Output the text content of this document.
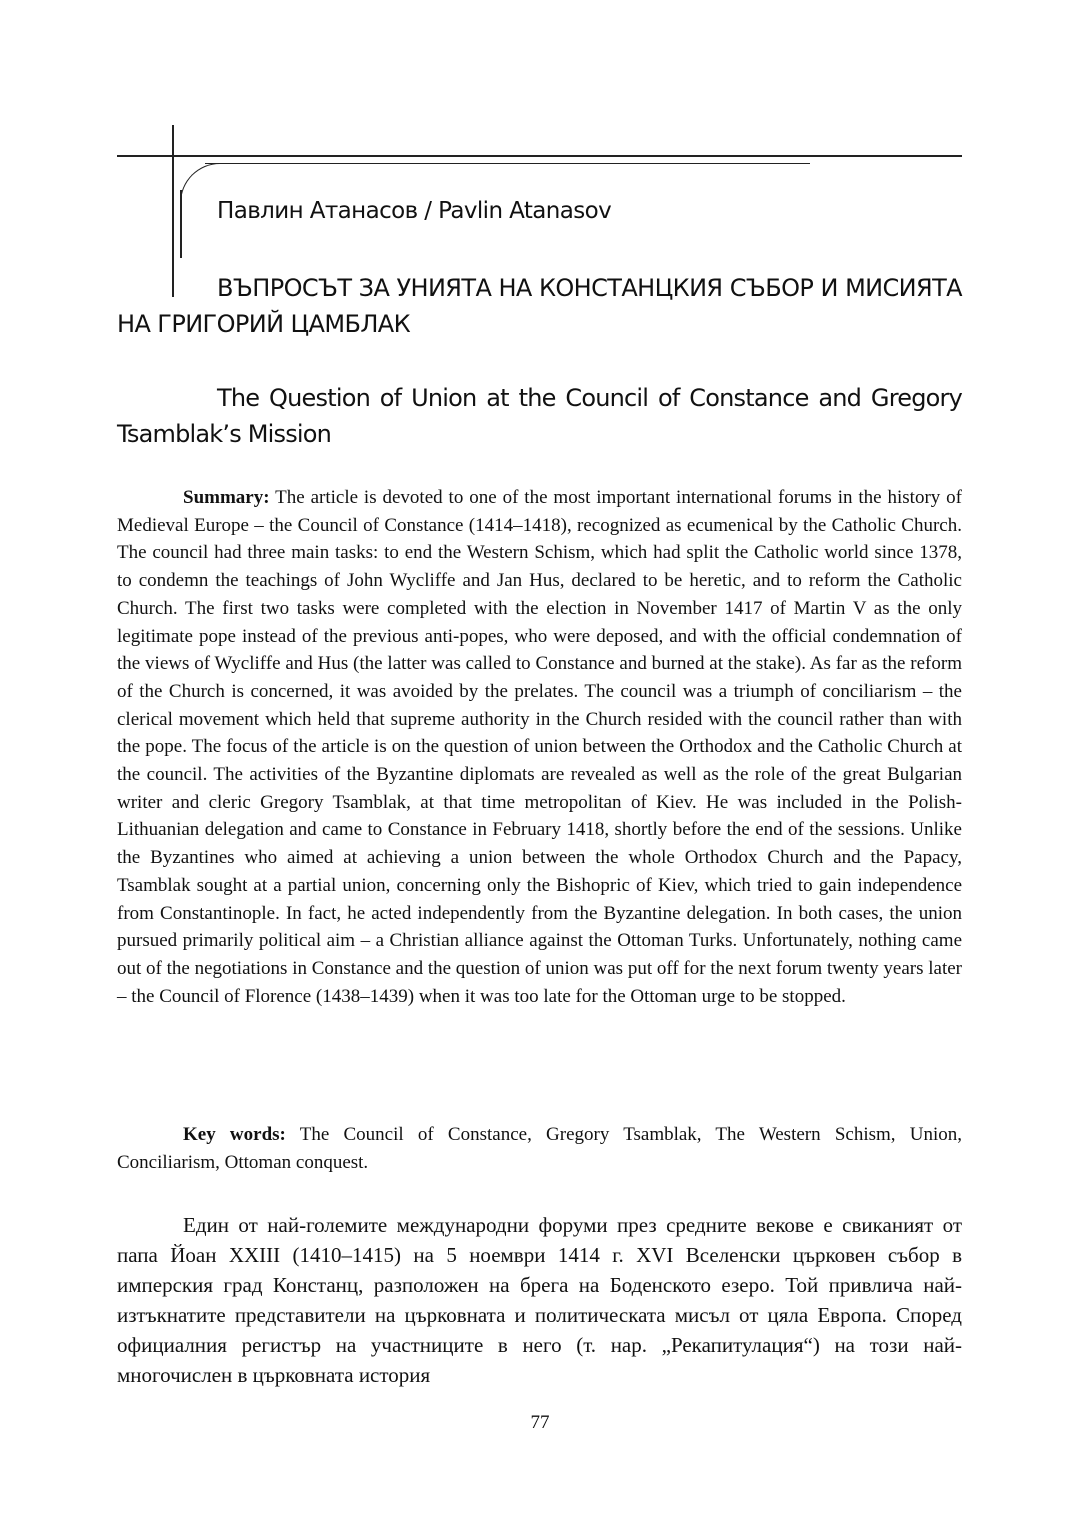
Павлин Атанасов / Pavlin Atanasov

ВЪПРОСЪТ ЗА УНИЯТА НА КОНСТАНЦКИЯ СЪБОР И МИСИЯТА НА ГРИГОРИЙ ЦАМБЛАК

The Question of Union at the Council of Constance and Gregory Tsamblak’s Mission

Summary: The article is devoted to one of the most important international forums in the history of Medieval Europe – the Council of Constance (1414–1418), recognized as ecumenical by the Catholic Church. The council had three main tasks: to end the Western Schism, which had split the Catholic world since 1378, to condemn the teachings of John Wycliffe and Jan Hus, declared to be heretic, and to reform the Catholic Church. The first two tasks were completed with the election in November 1417 of Martin V as the only legitimate pope instead of the previous anti-popes, who were deposed, and with the official condemnation of the views of Wycliffe and Hus (the latter was called to Constance and burned at the stake). As far as the reform of the Church is concerned, it was avoided by the prelates. The council was a triumph of conciliarism – the clerical movement which held that supreme authority in the Church resided with the council rather than with the pope. The focus of the article is on the question of union between the Orthodox and the Catholic Church at the council. The activities of the Byzantine diplomats are revealed as well as the role of the great Bulgarian writer and cleric Gregory Tsamblak, at that time metropolitan of Kiev. He was included in the Polish-Lithuanian delegation and came to Constance in February 1418, shortly before the end of the sessions. Unlike the Byzantines who aimed at achieving a union between the whole Orthodox Church and the Papacy, Tsamblak sought at a partial union, concerning only the Bishopric of Kiev, which tried to gain independence from Constantinople. In fact, he acted independently from the Byzantine delegation. In both cases, the union pursued primarily political aim – a Christian alliance against the Ottoman Turks. Unfortunately, nothing came out of the negotiations in Constance and the question of union was put off for the next forum twenty years later – the Council of Florence (1438–1439) when it was too late for the Ottoman urge to be stopped.

Key words: The Council of Constance, Gregory Tsamblak, The Western Schism, Union, Conciliarism, Ottoman conquest.

Един от най-големите международни форуми през средните векове е свиканият от папа Йоан XXIII (1410–1415) на 5 ноември 1414 г. XVI Вселенски църковен събор в имперския град Констанц, разположен на брега на Боденското езеро. Той привлича най-изтъкнатите представители на църковната и политическата мисъл от цяла Европа. Според официалния регистър на участниците в него (т. нар. „Рекапитулация“) на този най-многочислен в църковната история

77
